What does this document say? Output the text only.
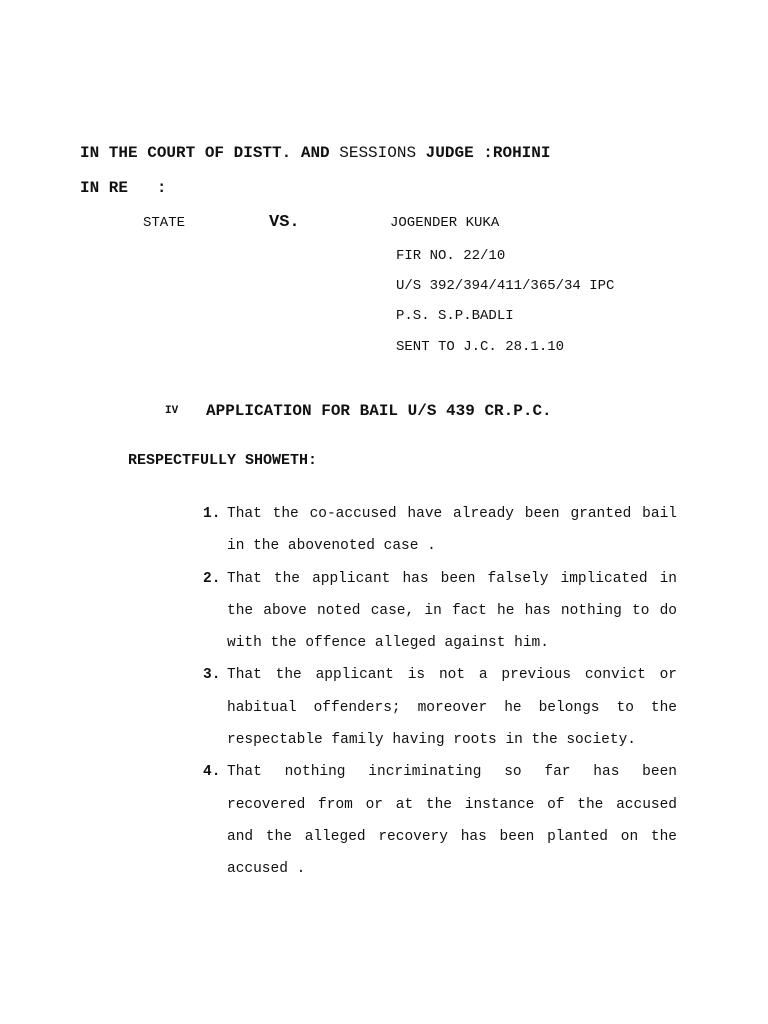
IN THE COURT OF DISTT. AND SESSIONS JUDGE :ROHINI
IN RE   :
STATE	VS.	JOGENDER KUKA
FIR NO. 22/10
U/S 392/394/411/365/34 IPC
P.S. S.P.BADLI
SENT TO J.C. 28.1.10
IV APPLICATION FOR BAIL U/S 439 CR.P.C.
RESPECTFULLY SHOWETH:
1. That the co-accused have already been granted bail in the abovenoted case .
2. That the applicant has been falsely implicated in the above noted case, in fact he has nothing to do with the offence alleged against him.
3. That the applicant is not a previous convict or habitual offenders; moreover he belongs to the respectable family having roots in the society.
4. That nothing incriminating so far has been recovered from or at the instance of the accused and the alleged recovery has been planted on the accused .
